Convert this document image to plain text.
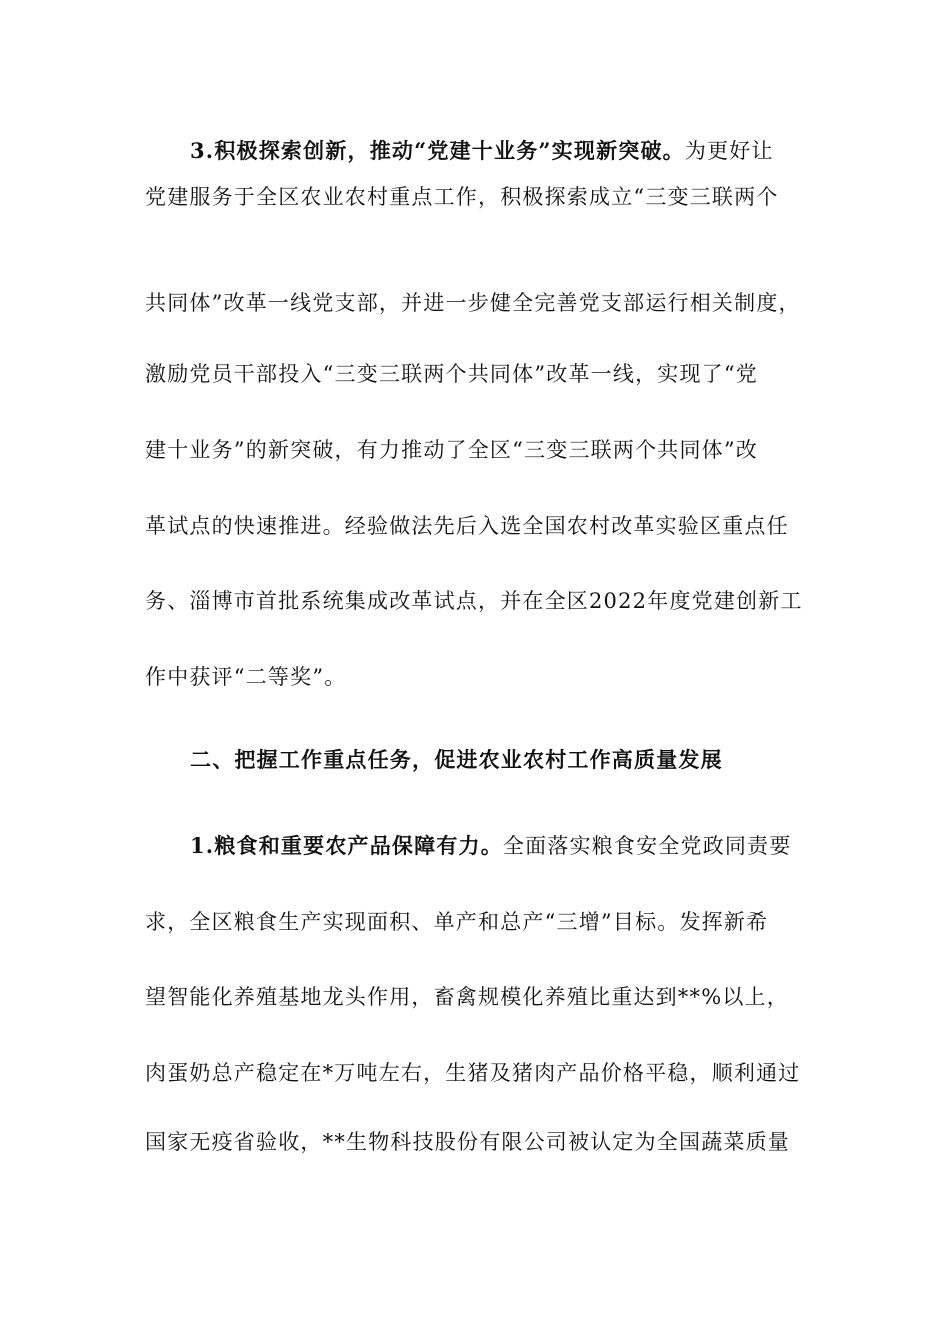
3.积极探索创新，推动“党建十业务”实现新突破。为更好让
党建服务于全区农业农村重点工作，积极探索成立“三变三联两个
共同体”改革一线党支部，并进一步健全完善党支部运行相关制度，
激励党员干部投入“三变三联两个共同体”改革一线，实现了“党
建十业务”的新突破，有力推动了全区“三变三联两个共同体”改
革试点的快速推进。经验做法先后入选全国农村改革实验区重点任
务、淄博市首批系统集成改革试点，并在全区2022年度党建创新工
作中获评“二等奖”。
二、把握工作重点任务，促进农业农村工作高质量发展
1.粮食和重要农产品保障有力。全面落实粮食安全党政同责要
求，全区粮食生产实现面积、单产和总产“三增”目标。发挥新希
望智能化养殖基地龙头作用，畜禽规模化养殖比重达到**%以上，
肉蛋奶总产稳定在*万吨左右，生猪及猪肉产品价格平稳，顺利通过
国家无疫省验收，**生物科技股份有限公司被认定为全国蔬菜质量
